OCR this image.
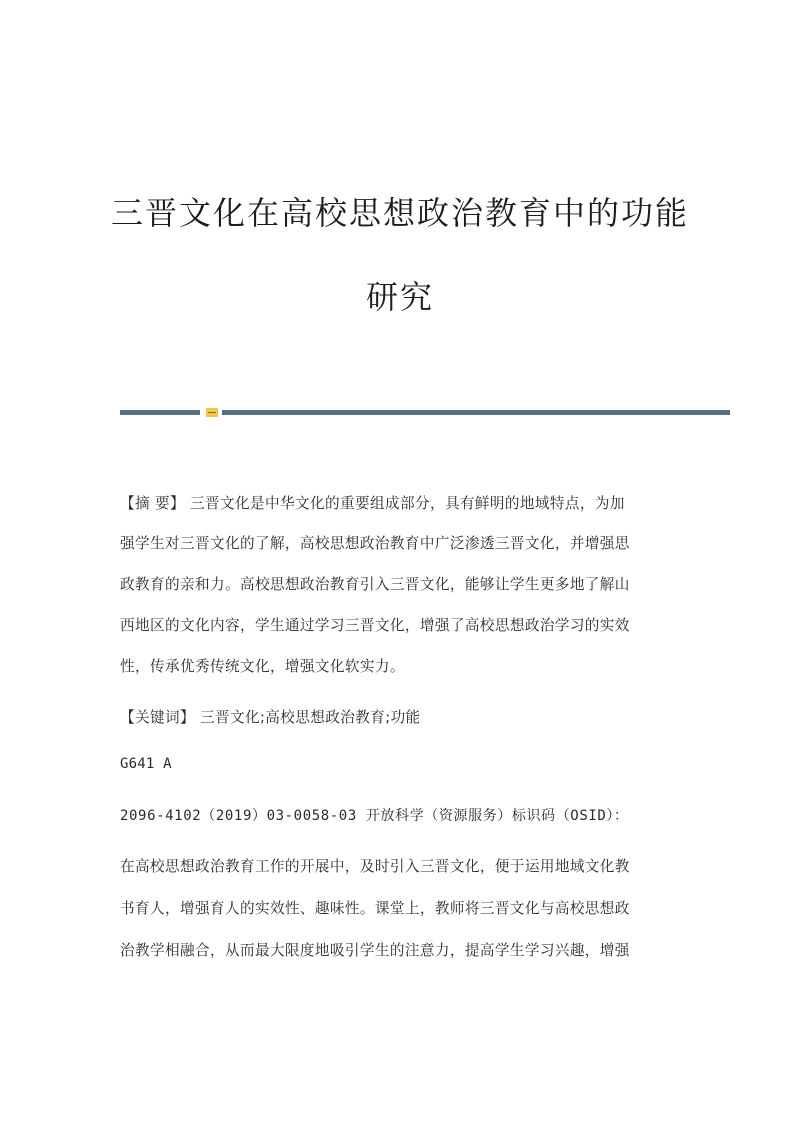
三晋文化在高校思想政治教育中的功能
研究
【摘 要】 三晋文化是中华文化的重要组成部分，具有鲜明的地域特点，为加
强学生对三晋文化的了解，高校思想政治教育中广泛渗透三晋文化，并增强思
政教育的亲和力。高校思想政治教育引入三晋文化，能够让学生更多地了解山
西地区的文化内容，学生通过学习三晋文化，增强了高校思想政治学习的实效
性，传承优秀传统文化，增强文化软实力。
【关键词】 三晋文化;高校思想政治教育;功能
G641 A
2096-4102（2019）03-0058-03 开放科学（资源服务）标识码（OSID）：
在高校思想政治教育工作的开展中，及时引入三晋文化，便于运用地域文化教
书育人，增强育人的实效性、趣味性。课堂上，教师将三晋文化与高校思想政
治教学相融合，从而最大限度地吸引学生的注意力，提高学生学习兴趣，增强
